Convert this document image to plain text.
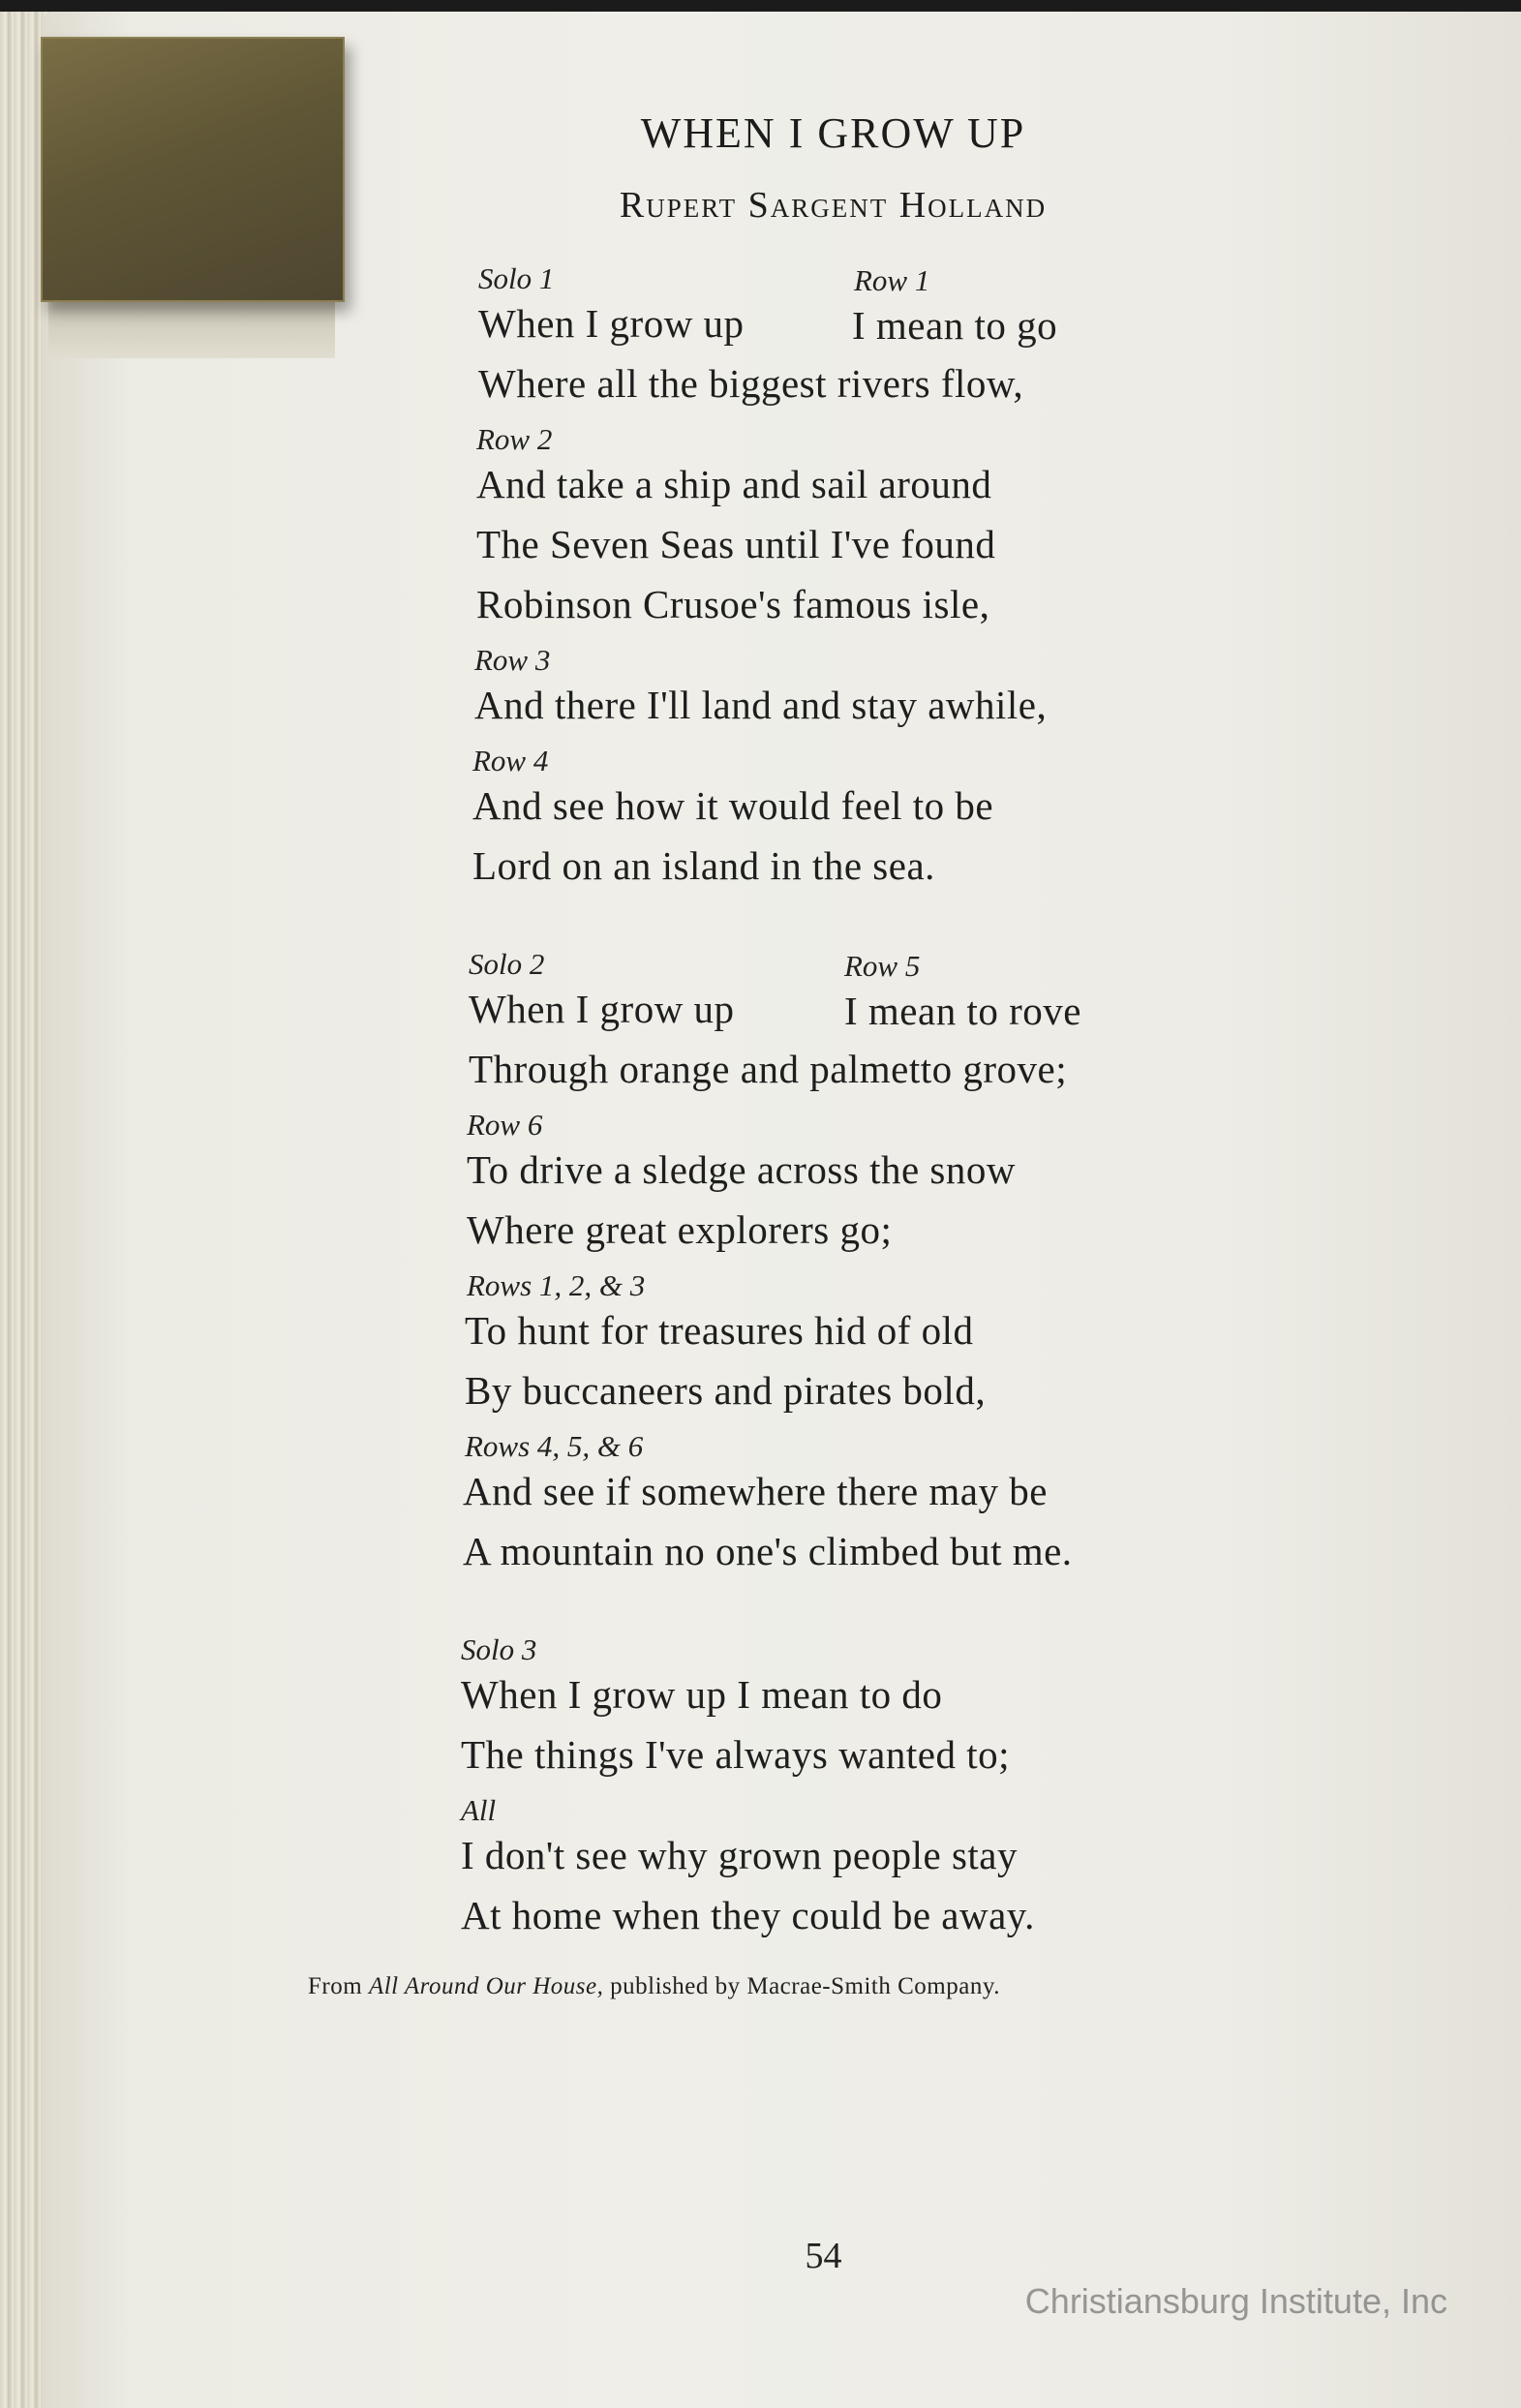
WHEN I GROW UP
Rupert Sargent Holland
Solo 1	Row 1
When I grow up	I mean to go
Where all the biggest rivers flow,
Row 2
And take a ship and sail around
The Seven Seas until I've found
Robinson Crusoe's famous isle,
Row 3
And there I'll land and stay awhile,
Row 4
And see how it would feel to be
Lord on an island in the sea.
Solo 2	Row 5
When I grow up	I mean to rove
Through orange and palmetto grove;
Row 6
To drive a sledge across the snow
Where great explorers go;
Rows 1, 2, & 3
To hunt for treasures hid of old
By buccaneers and pirates bold,
Rows 4, 5, & 6
And see if somewhere there may be
A mountain no one's climbed but me.
Solo 3
When I grow up I mean to do
The things I've always wanted to;
All
I don't see why grown people stay
At home when they could be away.
From All Around Our House, published by Macrae-Smith Company.
54
Christiansburg Institute, Inc
